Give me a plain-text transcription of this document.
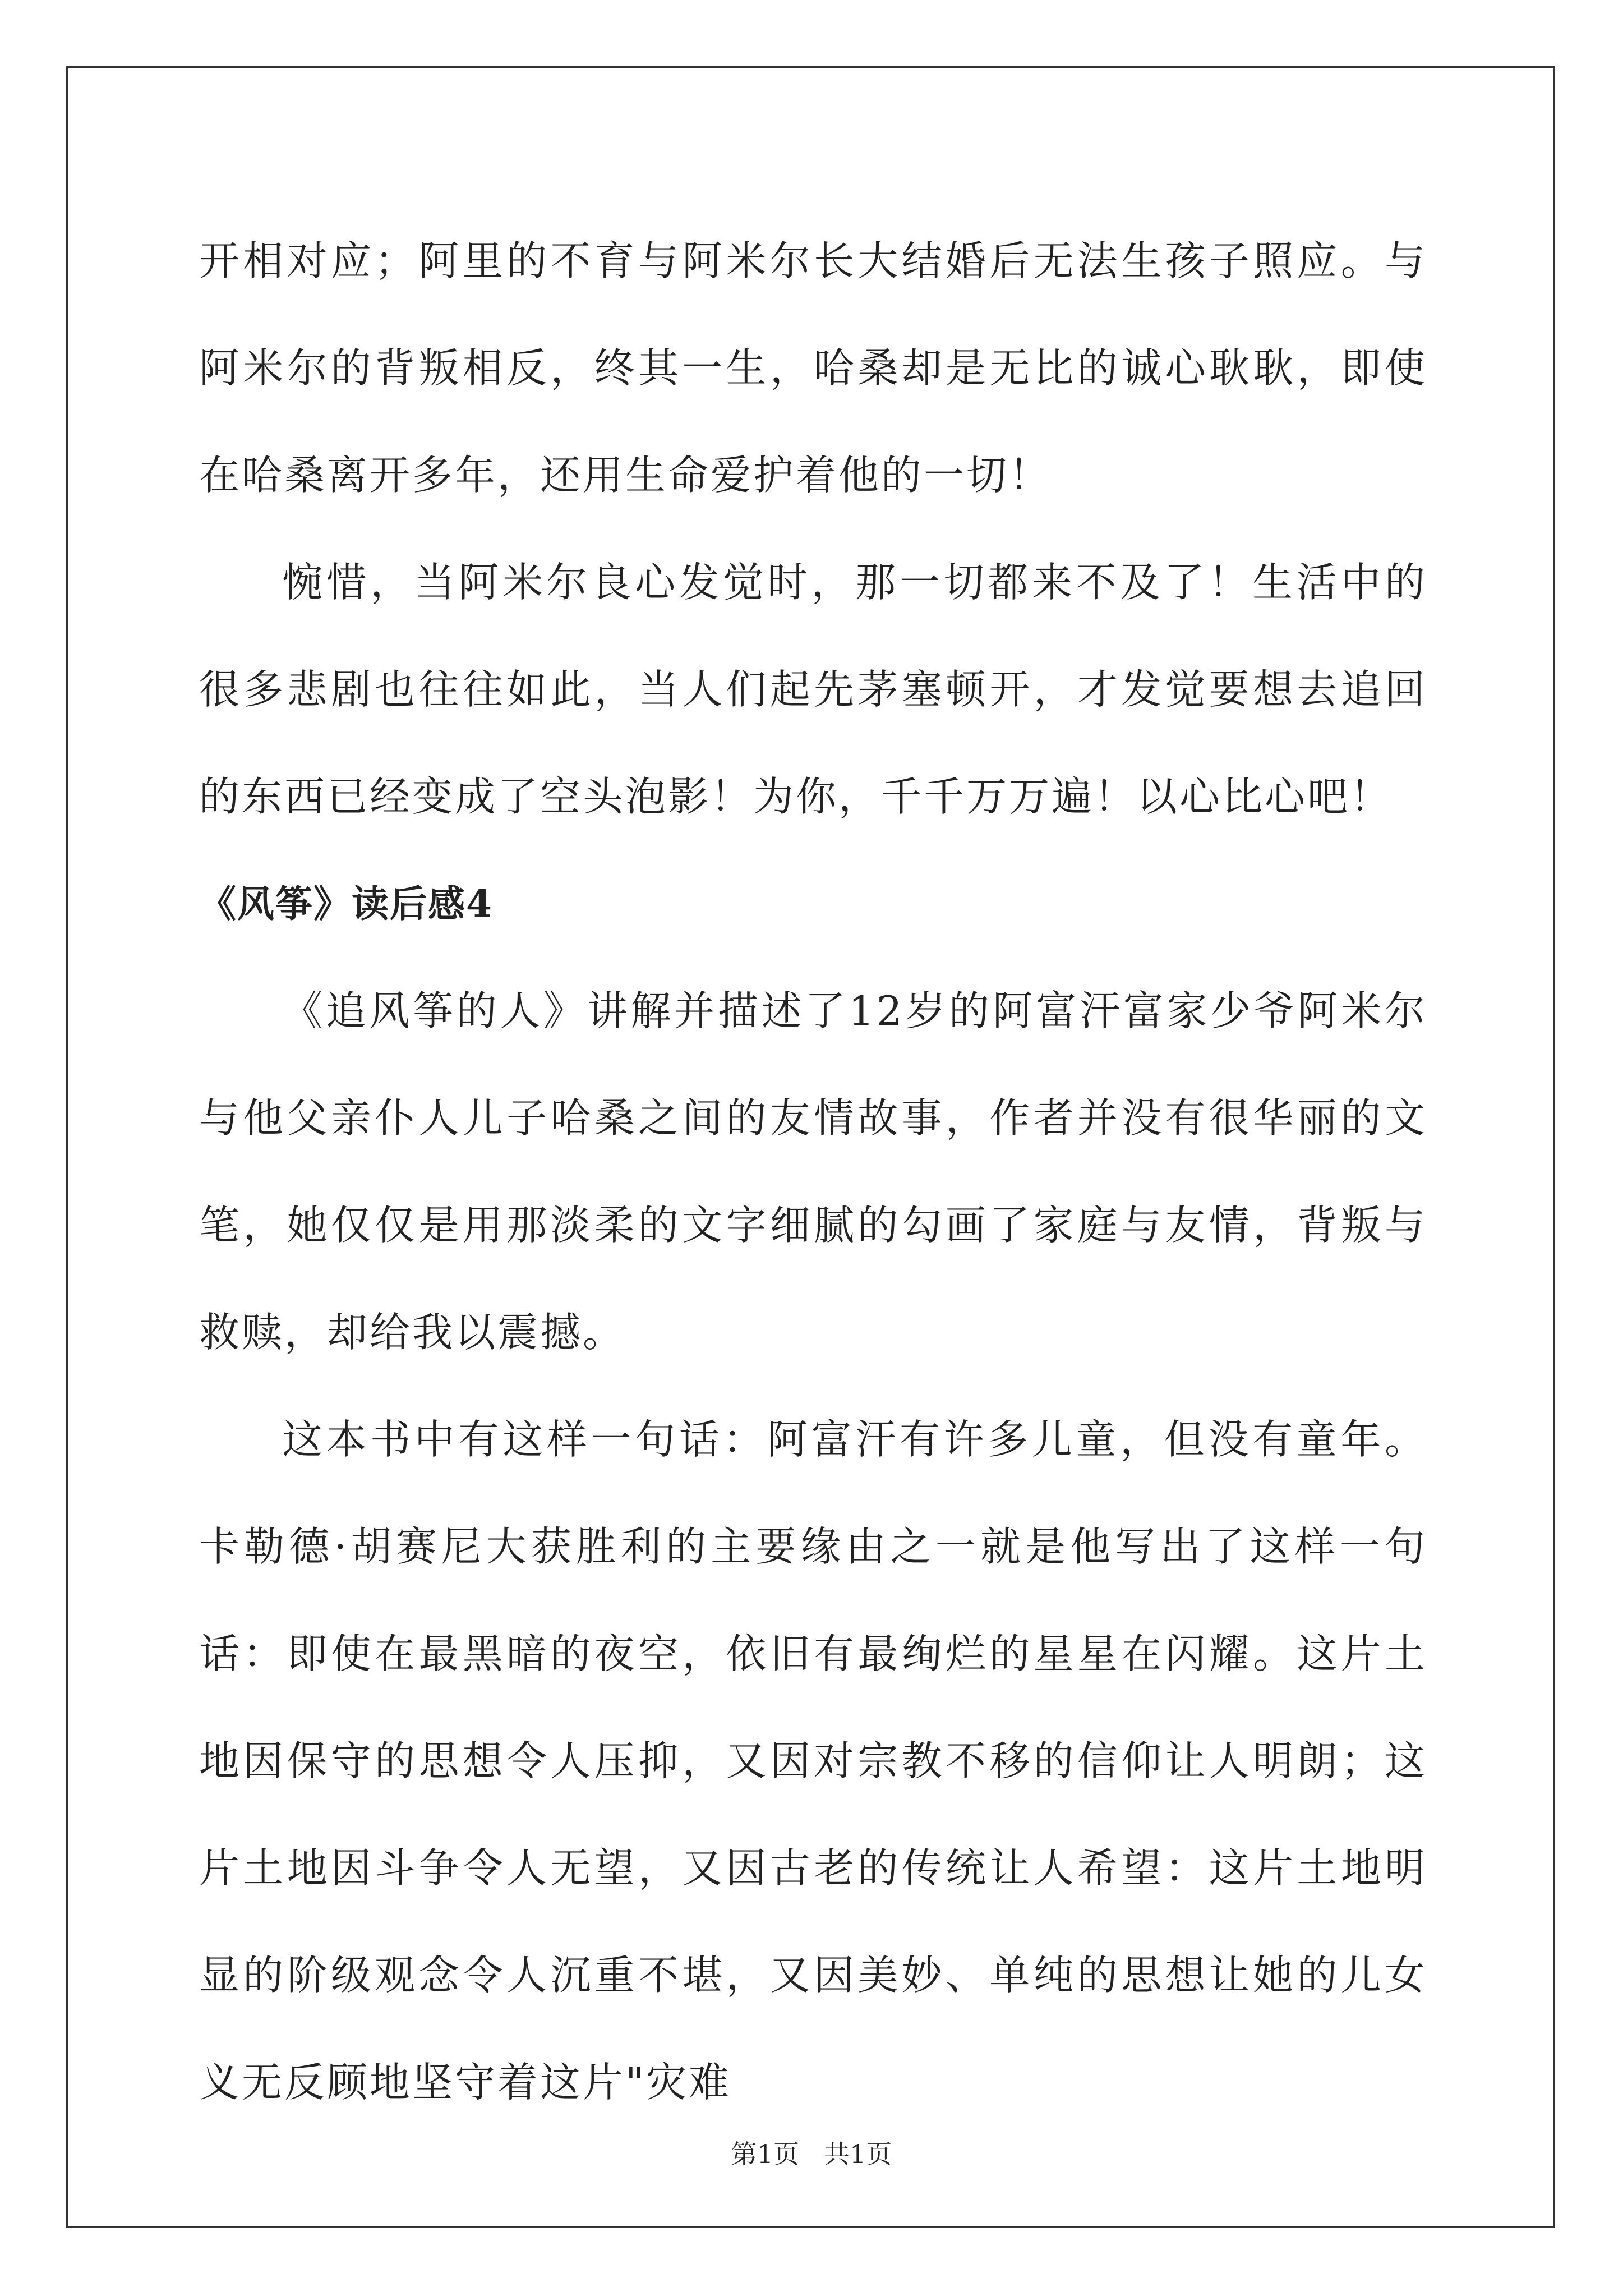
开相对应；阿里的不育与阿米尔长大结婚后无法生孩子照应。与阿米尔的背叛相反，终其一生，哈桑却是无比的诚心耿耿，即使在哈桑离开多年，还用生命爱护着他的一切！

惋惜，当阿米尔良心发觉时，那一切都来不及了！生活中的很多悲剧也往往如此，当人们起先茅塞顿开，才发觉要想去追回的东西已经变成了空头泡影！为你，千千万万遍！以心比心吧！

《风筝》读后感4

《追风筝的人》讲解并描述了12岁的阿富汗富家少爷阿米尔与他父亲仆人儿子哈桑之间的友情故事，作者并没有很华丽的文笔，她仅仅是用那淡柔的文字细腻的勾画了家庭与友情，背叛与救赎，却给我以震撼。

这本书中有这样一句话：阿富汗有许多儿童，但没有童年。卡勒德·胡赛尼大获胜利的主要缘由之一就是他写出了这样一句话：即使在最黑暗的夜空，依旧有最绚烂的星星在闪耀。这片土地因保守的思想令人压抑，又因对宗教不移的信仰让人明朗；这片土地因斗争令人无望，又因古老的传统让人希望：这片土地明显的阶级观念令人沉重不堪，又因美妙、单纯的思想让她的儿女义无反顾地坚守着这片"灾难

第1页 共1页
